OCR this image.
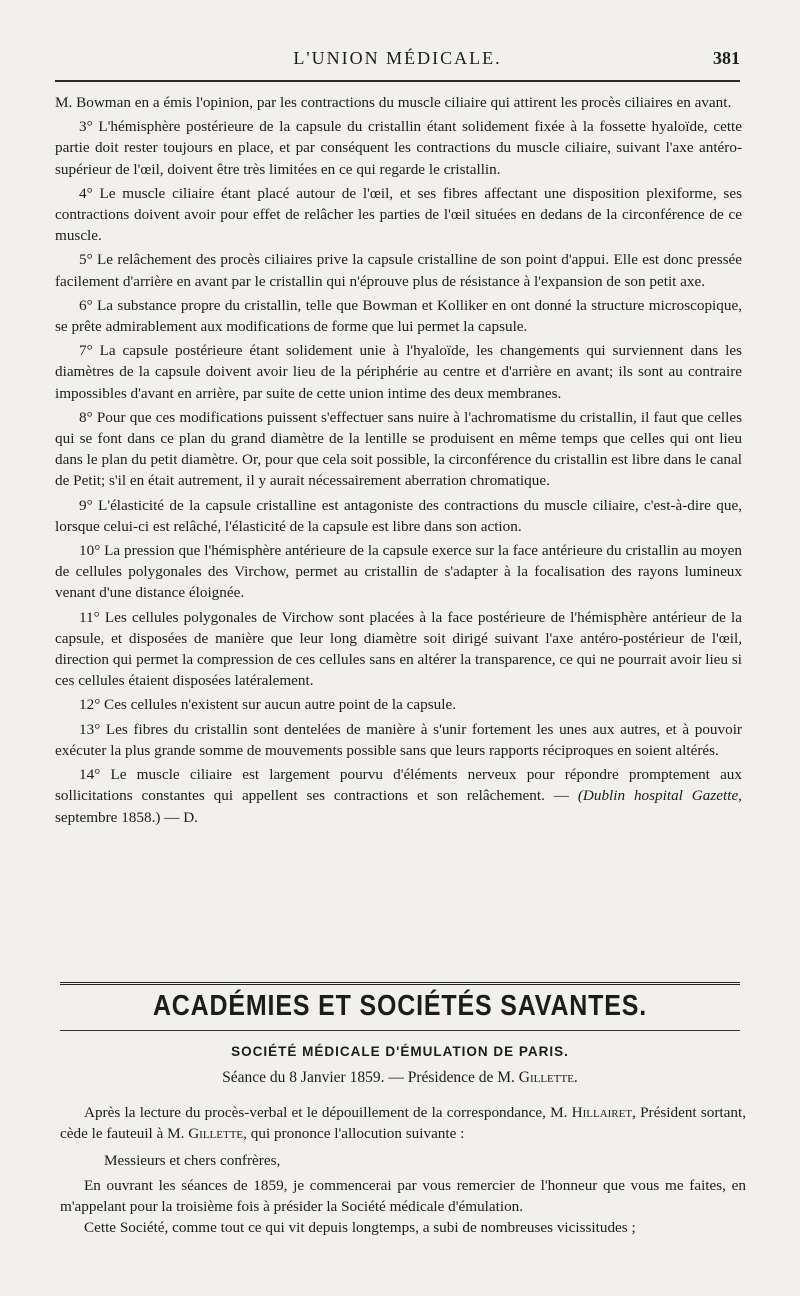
L'UNION MÉDICALE.	381

M. Bowman en a émis l'opinion, par les contractions du muscle ciliaire qui attirent les procès ciliaires en avant.

3° L'hémisphère postérieure de la capsule du cristallin étant solidement fixée à la fossette hyaloïde, cette partie doit rester toujours en place, et par conséquent les contractions du muscle ciliaire, suivant l'axe antéro-supérieur de l'œil, doivent être très limitées en ce qui regarde le cristallin.

4° Le muscle ciliaire étant placé autour de l'œil, et ses fibres affectant une disposition plexiforme, ses contractions doivent avoir pour effet de relâcher les parties de l'œil situées en dedans de la circonférence de ce muscle.

5° Le relâchement des procès ciliaires prive la capsule cristalline de son point d'appui. Elle est donc pressée facilement d'arrière en avant par le cristallin qui n'éprouve plus de résistance à l'expansion de son petit axe.

6° La substance propre du cristallin, telle que Bowman et Kolliker en ont donné la structure microscopique, se prête admirablement aux modifications de forme que lui permet la capsule.

7° La capsule postérieure étant solidement unie à l'hyaloïde, les changements qui surviennent dans les diamètres de la capsule doivent avoir lieu de la périphérie au centre et d'arrière en avant; ils sont au contraire impossibles d'avant en arrière, par suite de cette union intime des deux membranes.

8° Pour que ces modifications puissent s'effectuer sans nuire à l'achromatisme du cristallin, il faut que celles qui se font dans ce plan du grand diamètre de la lentille se produisent en même temps que celles qui ont lieu dans le plan du petit diamètre. Or, pour que cela soit possible, la circonférence du cristallin est libre dans le canal de Petit; s'il en était autrement, il y aurait nécessairement aberration chromatique.

9° L'élasticité de la capsule cristalline est antagoniste des contractions du muscle ciliaire, c'est-à-dire que, lorsque celui-ci est relâché, l'élasticité de la capsule est libre dans son action.

10° La pression que l'hémisphère antérieure de la capsule exerce sur la face antérieure du cristallin au moyen de cellules polygonales des Virchow, permet au cristallin de s'adapter à la focalisation des rayons lumineux venant d'une distance éloignée.

11° Les cellules polygonales de Virchow sont placées à la face postérieure de l'hémisphère antérieur de la capsule, et disposées de manière que leur long diamètre soit dirigé suivant l'axe antéro-postérieur de l'œil, direction qui permet la compression de ces cellules sans en altérer la transparence, ce qui ne pourrait avoir lieu si ces cellules étaient disposées latéralement.

12° Ces cellules n'existent sur aucun autre point de la capsule.

13° Les fibres du cristallin sont dentelées de manière à s'unir fortement les unes aux autres, et à pouvoir exécuter la plus grande somme de mouvements possible sans que leurs rapports réciproques en soient altérés.

14° Le muscle ciliaire est largement pourvu d'éléments nerveux pour répondre promptement aux sollicitations constantes qui appellent ses contractions et son relâchement. — (Dublin hospital Gazette, septembre 1858.) — D.

ACADÉMIES ET SOCIÉTÉS SAVANTES.
SOCIÉTÉ MÉDICALE D'ÉMULATION DE PARIS.
Séance du 8 Janvier 1859. — Présidence de M. Gillette.

Après la lecture du procès-verbal et le dépouillement de la correspondance, M. Hillairet, Président sortant, cède le fauteuil à M. Gillette, qui prononce l'allocution suivante :

Messieurs et chers confrères,

En ouvrant les séances de 1859, je commencerai par vous remercier de l'honneur que vous me faites, en m'appelant pour la troisième fois à présider la Société médicale d'émulation.

Cette Société, comme tout ce qui vit depuis longtemps, a subi de nombreuses vicissitudes ;
